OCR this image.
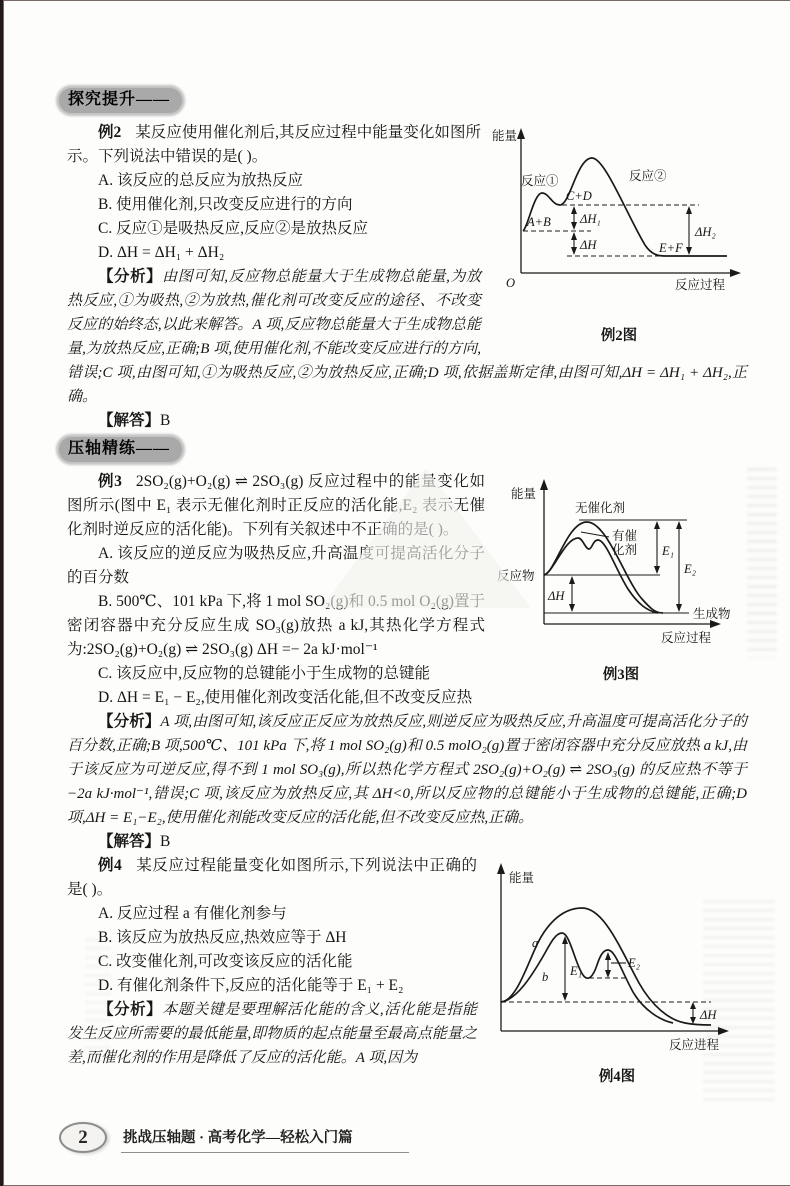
探究提升——
能量
O	反应过程
反应①	反应②
A+B
C+D
E+F
ΔH₁
ΔH
ΔH₂
例2图

例2 某反应使用催化剂后,其反应过程中能量变化如图所示。下列说法中错误的是( )。

A. 该反应的总反应为放热反应

B. 使用催化剂,只改变反应进行的方向

C. 反应①是吸热反应,反应②是放热反应

D. ΔH = ΔH₁ + ΔH₂

【分析】由图可知,反应物总能量大于生成物总能量,为放热反应,①为吸热,②为放热,催化剂可改变反应的途径、不改变反应的始终态,以此来解答。A 项,反应物总能量大于生成物总能量,为放热反应,正确;B 项,使用催化剂,不能改变反应进行的方向,错误;C 项,由图可知,①为吸热反应,②为放热反应,正确;D 项,依据盖斯定律,由图可知,ΔH = ΔH₁ + ΔH₂,正确。

【解答】B

压轴精练——
能量
反应过程
反应物
生成物
无催化剂
有催
化剂 E₁
E₂
ΔH
例3图

例3 2SO₂(g)+O₂(g) ⇌ 2SO₃(g) 反应过程中的能量变化如图所示(图中 E₁ 表示无催化剂时正反应的活化能,E₂ 表示无催化剂时逆反应的活化能)。下列有关叙述中不正确的是( )。

A. 该反应的逆反应为吸热反应,升高温度可提高活化分子的百分数

B. 500℃、101 kPa 下,将 1 mol SO₂(g)和 0.5 mol O₂(g)置于密闭容器中充分反应生成 SO₃(g)放热 a kJ,其热化学方程式为:2SO₂(g)+O₂(g) ⇌ 2SO₃(g) ΔH =− 2a kJ·mol⁻¹

C. 该反应中,反应物的总键能小于生成物的总键能

D. ΔH = E₁ − E₂,使用催化剂改变活化能,但不改变反应热

【分析】A 项,由图可知,该反应正反应为放热反应,则逆反应为吸热反应,升高温度可提高活化分子的百分数,正确;B 项,500℃、101 kPa 下,将 1 mol SO₂(g)和 0.5 molO₂(g)置于密闭容器中充分反应放热 a kJ,由于该反应为可逆反应,得不到 1 mol SO₃(g),所以热化学方程式 2SO₂(g)+O₂(g) ⇌ 2SO₃(g) 的反应热不等于−2a kJ·mol⁻¹,错误;C 项,该反应为放热反应,其 ΔH<0,所以反应物的总键能小于生成物的总键能,正确;D 项,ΔH = E₁−E₂,使用催化剂能改变反应的活化能,但不改变反应热,正确。

【解答】B

能量
反应进程
a
b E₁
E₂
ΔH
例4图

例4 某反应过程能量变化如图所示,下列说法中正确的是( )。

A. 反应过程 a 有催化剂参与

B. 该反应为放热反应,热效应等于 ΔH

C. 改变催化剂,可改变该反应的活化能

D. 有催化剂条件下,反应的活化能等于 E₁ + E₂

【分析】本题关键是要理解活化能的含义,活化能是指能发生反应所需要的最低能量,即物质的起点能量至最高点能量之差,而催化剂的作用是降低了反应的活化能。A 项,因为

2 挑战压轴题 · 高考化学—轻松入门篇
